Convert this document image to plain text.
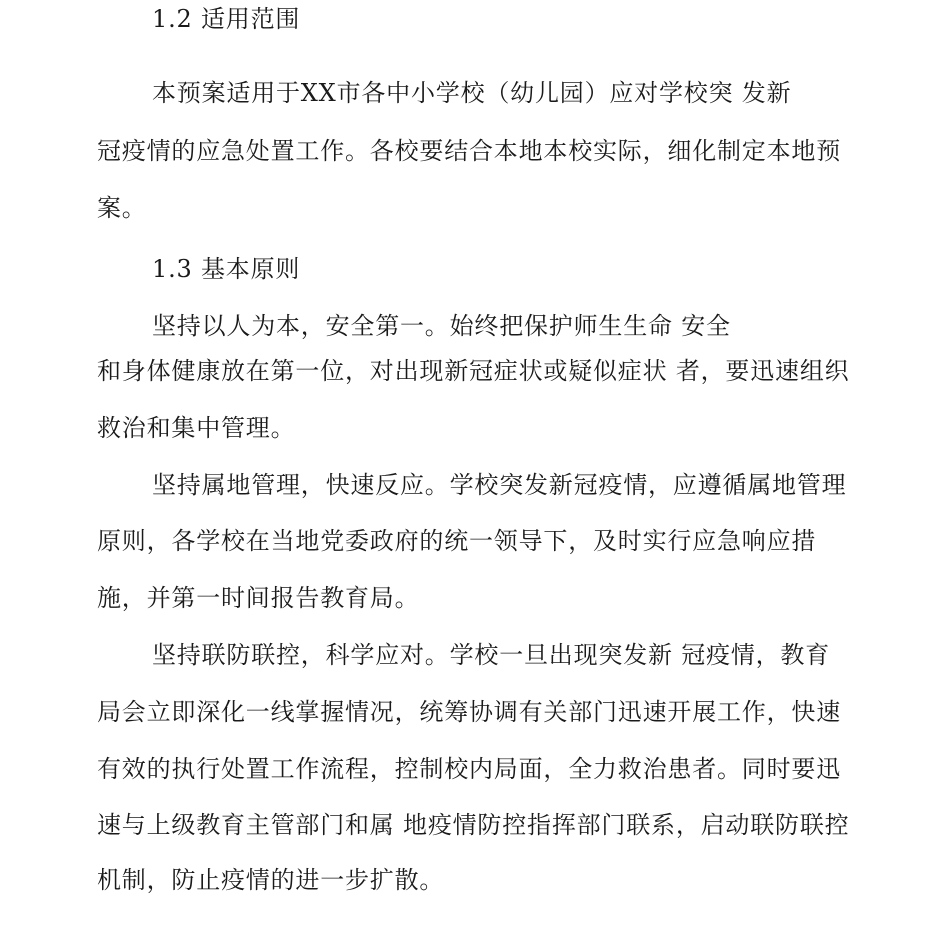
1.2 适用范围
本预案适用于XX市各中小学校（幼儿园）应对学校突 发新
冠疫情的应急处置工作。各校要结合本地本校实际，细化制定本地预
案。
1.3 基本原则
坚持以人为本，安全第一。始终把保护师生生命 安全
和身体健康放在第一位，对出现新冠症状或疑似症状 者，要迅速组织
救治和集中管理。
坚持属地管理，快速反应。学校突发新冠疫情，应遵循属地管理
原则，各学校在当地党委政府的统一领导下，及时实行应急响应措
施，并第一时间报告教育局。
坚持联防联控，科学应对。学校一旦出现突发新 冠疫情，教育
局会立即深化一线掌握情况，统筹协调有关部门迅速开展工作，快速
有效的执行处置工作流程，控制校内局面，全力救治患者。同时要迅
速与上级教育主管部门和属 地疫情防控指挥部门联系，启动联防联控
机制，防止疫情的进一步扩散。
